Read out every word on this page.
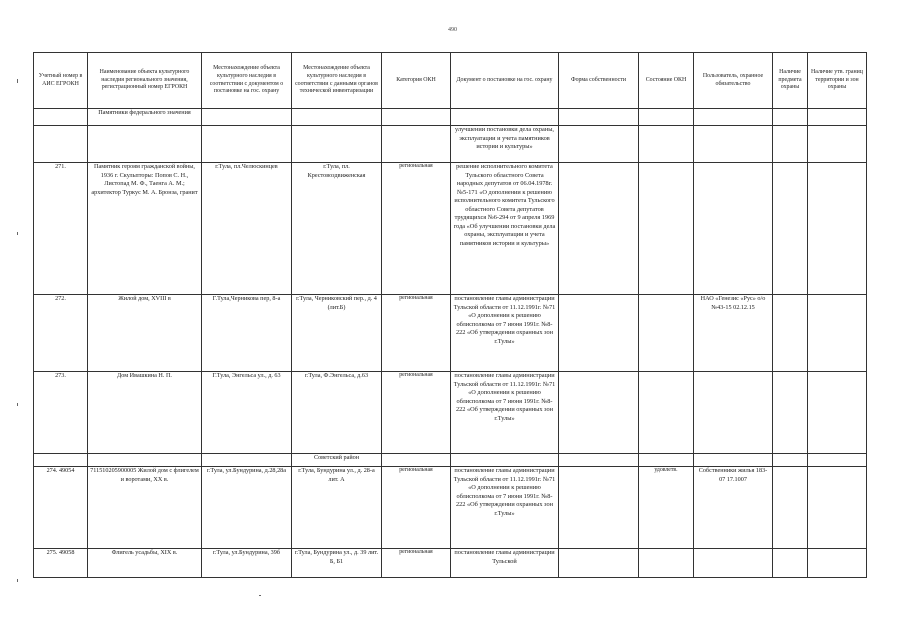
490
Учетный номер в АИС ЕГРОКН	Наименование объекта культурного наследия регионального значения, регистрационный номер ЕГРОКН	Местонахождение объекта культурного наследия в соответствии с документом о постановке на гос. охрану	Местонахождение объекта культурного наследия в соответствии с данными органов технической инвентаризации	Категория ОКН	Документ о постановке на гос. охрану	Форма собственности	Состояние ОКН	Пользователь, охранное обязательство	Наличие предмета охраны	Наличие утв. границ территории и зон охраны
	Памятники федерального значения									
					улучшении постановки дела охраны, эксплуатации и учета памятников истории и культуры»					
271.	Памятник героям гражданской войны, 1936 г. Скульпторы: Попов С. Н., Листопад М. Ф., Таенга А. М.; архитектор Туркус М. А. Бронза, гранит	г.Тула, пл.Челюскинцев	г.Тула, пл. Крестовоздвиженская	региональная	решение исполнительного комитета Тульского областного Совета народных депутатов от 06.04.1978г. №5-171 «О дополнении к решению исполнительного комитета Тульского областного Совета депутатов трудящихся №6-294 от 9 апреля 1969 года «Об улучшении постановки дела охраны, эксплуатации и учета памятников истории и культуры»					
272.	Жилой дом, XVIII в	Г.Тула,Черникова пер, 8-а	г.Тула, Черниковский пер., д. 4 (лит.Б)	региональная	постановление главы администрации Тульской области от 11.12.1991г. №71 «О дополнении к решению облисполкома от 7 июня 1991г. №8-222 «Об утверждении охранных зон г.Тулы»			НАО «Генезис «Рус» о/о №43-15 02.12.15		
273.	Дом Ивашкина Н. П.	Г.Тула, Энгельса ул., д. 63	г.Тула, Ф.Энгельса, д.63	региональная	постановление главы администрации Тульской области от 11.12.1991г. №71 «О дополнении к решению облисполкома от 7 июня 1991г. №8-222 «Об утверждении охранных зон г.Тулы»					
			Советский район							
274. 49054	711510205900005 Жилой дом с флигелем и воротами, XX в.	г.Тула, ул.Бундурина, д.28,28а	г.Тула, Бундурина ул., д. 28-а лит. А	региональная	постановление главы администрации Тульской области от 11.12.1991г. №71 «О дополнении к решению облисполкома от 7 июня 1991г. №8-222 «Об утверждении охранных зон г.Тулы»		удовлетв.	Собственники жилья 183-07 17.1007		
275. 49058	Флигель усадьбы, XIX в.	г.Тула, ул.Бундурина, 39б	г.Тула, Бундурина ул., д. 39 лит. Б, Б1	региональная	постановление главы администрации Тульской					
